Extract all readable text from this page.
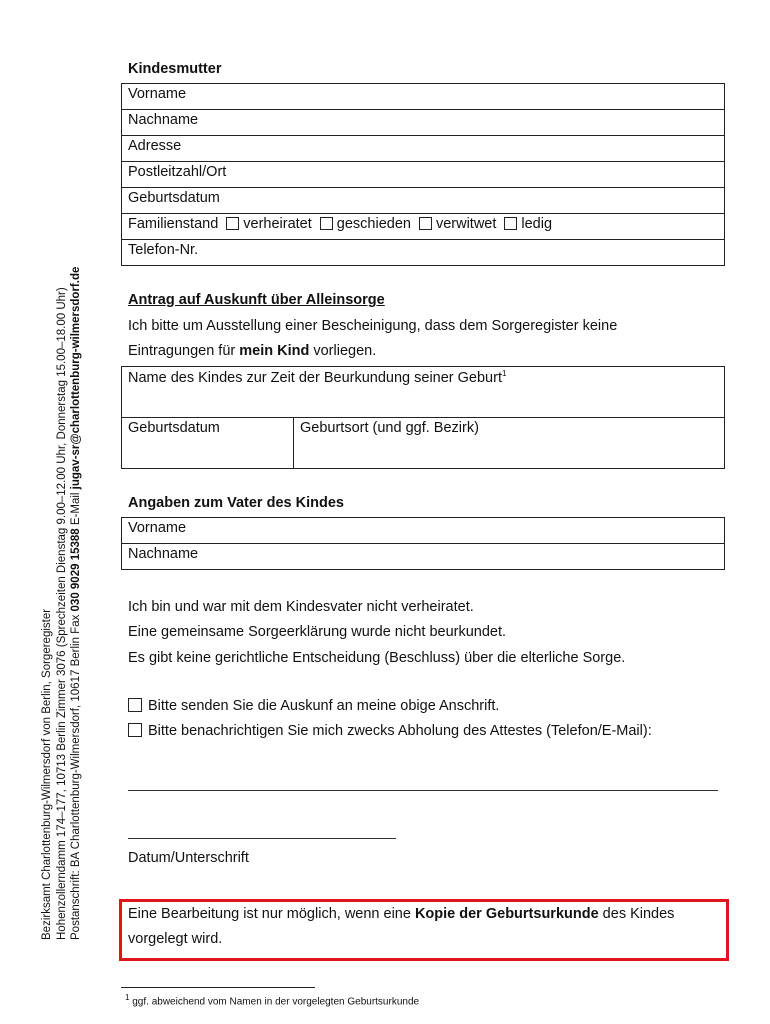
Bezirksamt Charlottenburg-Wilmersdorf von Berlin, Sorgeregister Hohenzollerndamm 174–177, 10713 Berlin Zimmer 3076 (Sprechzeiten Dienstag 9.00–12.00 Uhr, Donnerstag 15.00–18.00 Uhr) Postanschrift: BA Charlottenburg-Wilmersdorf, 10617 Berlin Fax 030 9029 15388 E-Mail jugav-sr@charlottenburg-wilmersdorf.de
Kindesmutter
Vorname
Nachname
Adresse
Postleitzahl/Ort
Geburtsdatum
Familienstand verheiratet geschieden verwitwet ledig
Telefon-Nr.
Antrag auf Auskunft über Alleinsorge
Ich bitte um Ausstellung einer Bescheinigung, dass dem Sorgeregister keine
Eintragungen für mein Kind vorliegen.
Name des Kindes zur Zeit der Beurkundung seiner Geburt$^1$
Geburtsdatum	Geburtsort (und ggf. Bezirk)
Angaben zum Vater des Kindes
Vorname
Nachname
Ich bin und war mit dem Kindesvater nicht verheiratet.
Eine gemeinsame Sorgeerklärung wurde nicht beurkundet.
Es gibt keine gerichtliche Entscheidung (Beschluss) über die elterliche Sorge.
Bitte senden Sie die Auskunf an meine obige Anschrift.
Bitte benachrichtigen Sie mich zwecks Abholung des Attestes (Telefon/E-Mail):
Datum/Unterschrift
Eine Bearbeitung ist nur möglich, wenn eine Kopie der Geburtsurkunde des Kindes
vorgelegt wird.
$^1$ ggf. abweichend vom Namen in der vorgelegten Geburtsurkunde
